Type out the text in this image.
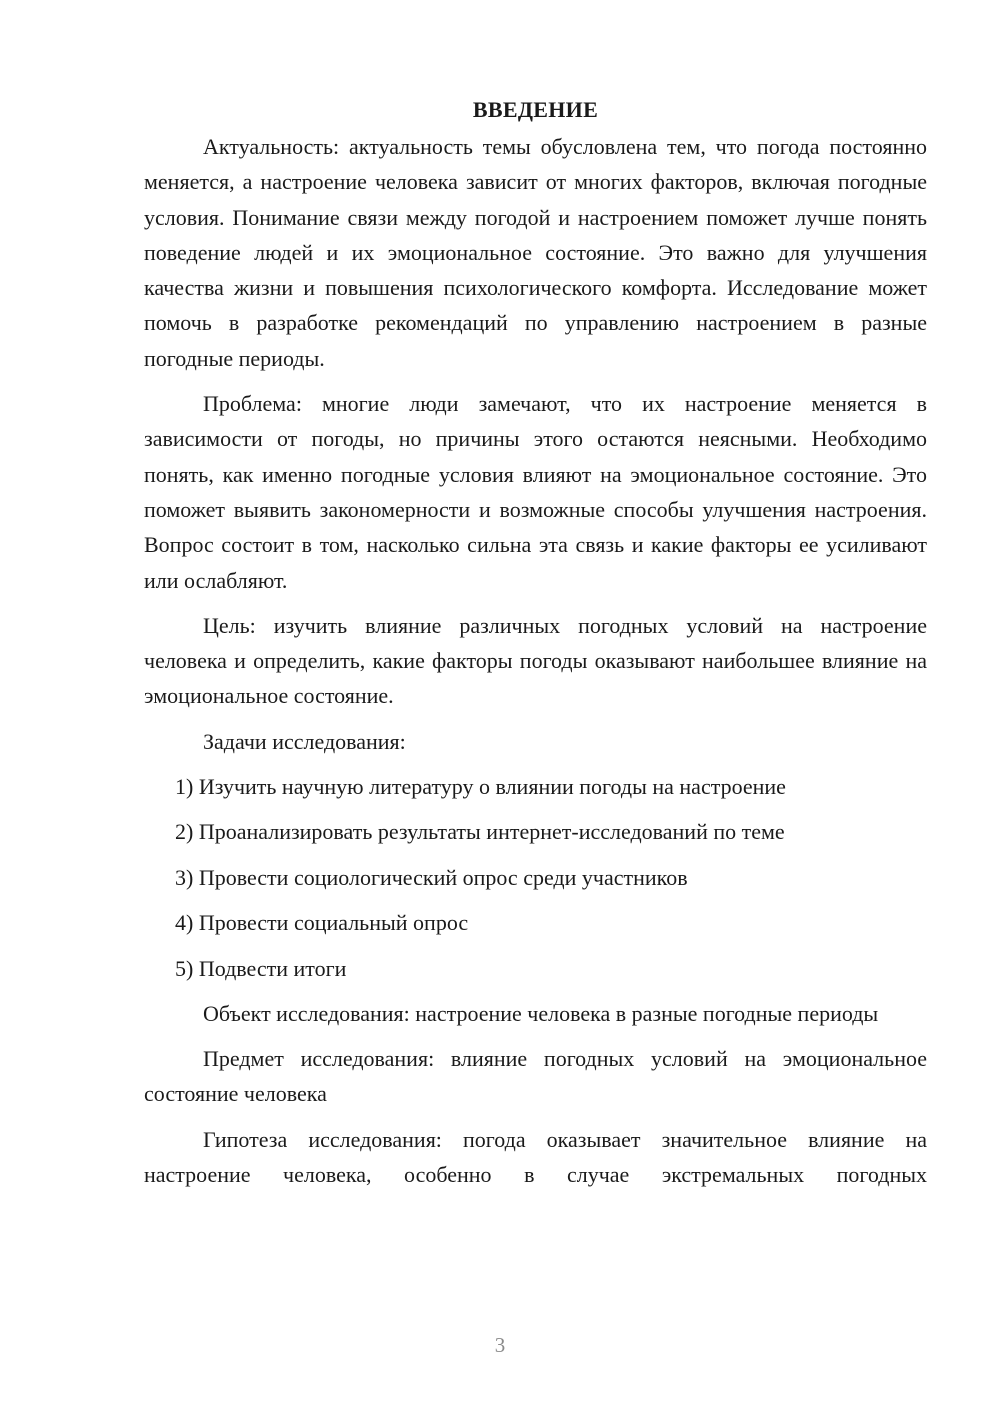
ВВЕДЕНИЕ

Актуальность: актуальность темы обусловлена тем, что погода постоянно меняется, а настроение человека зависит от многих факторов, включая погодные условия. Понимание связи между погодой и настроением поможет лучше понять поведение людей и их эмоциональное состояние. Это важно для улучшения качества жизни и повышения психологического комфорта. Исследование может помочь в разработке рекомендаций по управлению настроением в разные погодные периоды.

Проблема: многие люди замечают, что их настроение меняется в зависимости от погоды, но причины этого остаются неясными. Необходимо понять, как именно погодные условия влияют на эмоциональное состояние. Это поможет выявить закономерности и возможные способы улучшения настроения. Вопрос состоит в том, насколько сильна эта связь и какие факторы ее усиливают или ослабляют.

Цель: изучить влияние различных погодных условий на настроение человека и определить, какие факторы погоды оказывают наибольшее влияние на эмоциональное состояние.

Задачи исследования:
1) Изучить научную литературу о влиянии погоды на настроение
2) Проанализировать результаты интернет-исследований по теме
3) Провести социологический опрос среди участников
4) Провести социальный опрос
5) Подвести итоги

Объект исследования: настроение человека в разные погодные периоды

Предмет исследования: влияние погодных условий на эмоциональное состояние человека

Гипотеза исследования: погода оказывает значительное влияние на настроение человека, особенно в случае экстремальных погодных

3
